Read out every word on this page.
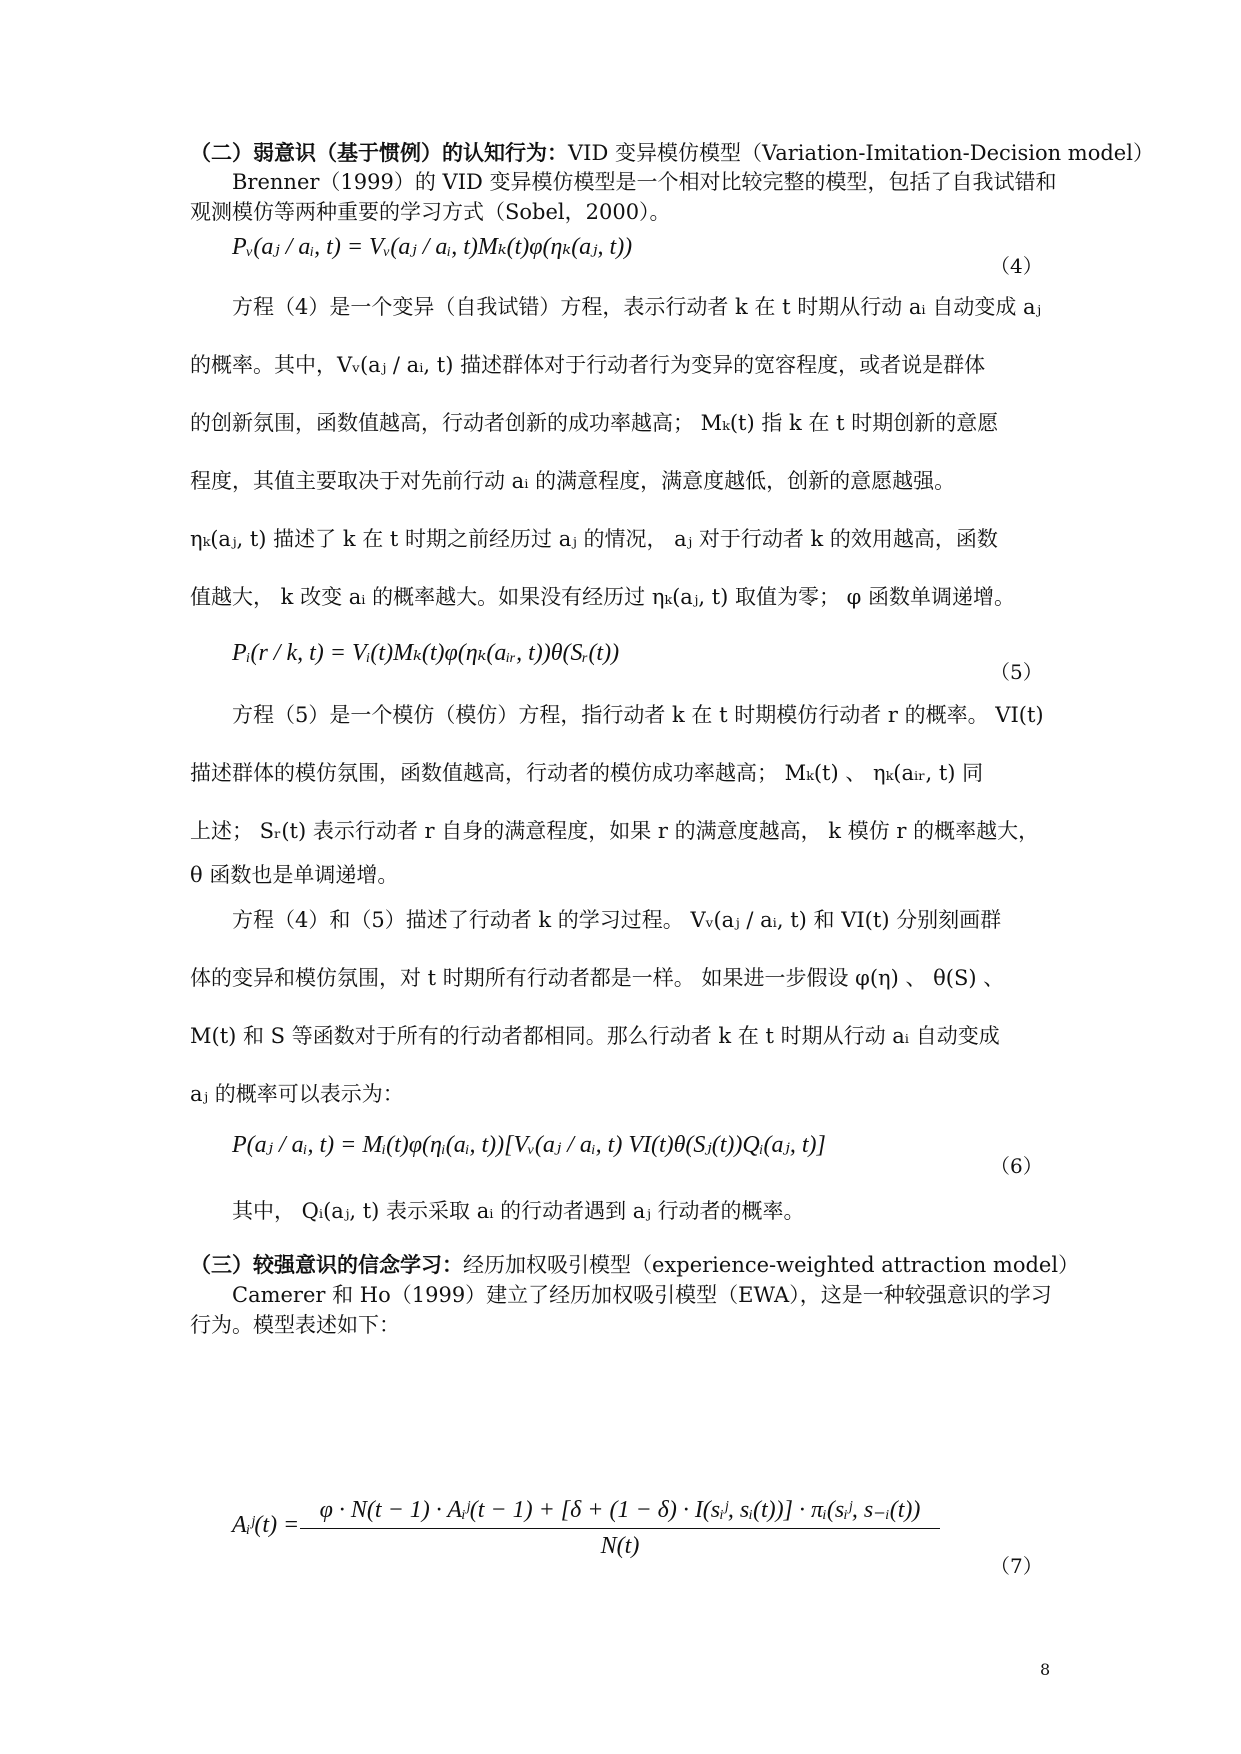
（二）弱意识（基于惯例）的认知行为：VID 变异模仿模型（Variation-Imitation-Decision model）
Brenner（1999）的 VID 变异模仿模型是一个相对比较完整的模型，包括了自我试错和观测模仿等两种重要的学习方式（Sobel，2000）。
Pᵥ(aⱼ / aᵢ, t) = Vᵥ(aⱼ / aᵢ, t)Mₖ(t)φ(ηₖ(aⱼ, t))
（4）
方程（4）是一个变异（自我试错）方程，表示行动者 k 在 t 时期从行动 aᵢ 自动变成 aⱼ
的概率。其中，Vᵥ(aⱼ / aᵢ, t) 描述群体对于行动者行为变异的宽容程度，或者说是群体
的创新氛围，函数值越高，行动者创新的成功率越高； Mₖ(t) 指 k 在 t 时期创新的意愿
程度，其值主要取决于对先前行动 aᵢ 的满意程度，满意度越低，创新的意愿越强。
ηₖ(aⱼ, t) 描述了 k 在 t 时期之前经历过 aⱼ 的情况， aⱼ 对于行动者 k 的效用越高，函数
值越大， k 改变 aᵢ 的概率越大。如果没有经历过 ηₖ(aⱼ, t) 取值为零； φ 函数单调递增。
Pᵢ(r / k, t) = Vᵢ(t)Mₖ(t)φ(ηₖ(aᵢᵣ, t))θ(Sᵣ(t))
（5）
方程（5）是一个模仿（模仿）方程，指行动者 k 在 t 时期模仿行动者 r 的概率。 VI(t)
描述群体的模仿氛围，函数值越高，行动者的模仿成功率越高； Mₖ(t) 、 ηₖ(aᵢᵣ, t) 同
上述； Sᵣ(t) 表示行动者 r 自身的满意程度，如果 r 的满意度越高， k 模仿 r 的概率越大，
θ 函数也是单调递增。
方程（4）和（5）描述了行动者 k 的学习过程。 Vᵥ(aⱼ / aᵢ, t) 和 VI(t) 分别刻画群
体的变异和模仿氛围，对 t 时期所有行动者都是一样。 如果进一步假设 φ(η) 、 θ(S) 、
M(t) 和 S 等函数对于所有的行动者都相同。那么行动者 k 在 t 时期从行动 aᵢ 自动变成
aⱼ 的概率可以表示为：
P(aⱼ / aᵢ, t) = Mᵢ(t)φ(ηᵢ(aᵢ, t))[Vᵥ(aⱼ / aᵢ, t) VI(t)θ(Sⱼ(t))Qᵢ(aⱼ, t)]
（6）
其中， Qᵢ(aⱼ, t) 表示采取 aᵢ 的行动者遇到 aⱼ 行动者的概率。
（三）较强意识的信念学习：经历加权吸引模型（experience-weighted attraction model）
Camerer 和 Ho（1999）建立了经历加权吸引模型（EWA），这是一种较强意识的学习行为。模型表述如下：
Aᵢʲ(t) =
φ · N(t − 1) · Aᵢʲ(t − 1) + [δ + (1 − δ) · I(sᵢʲ, sᵢ(t))] · πᵢ(sᵢʲ, s₋ᵢ(t))
N(t)
（7）
8
